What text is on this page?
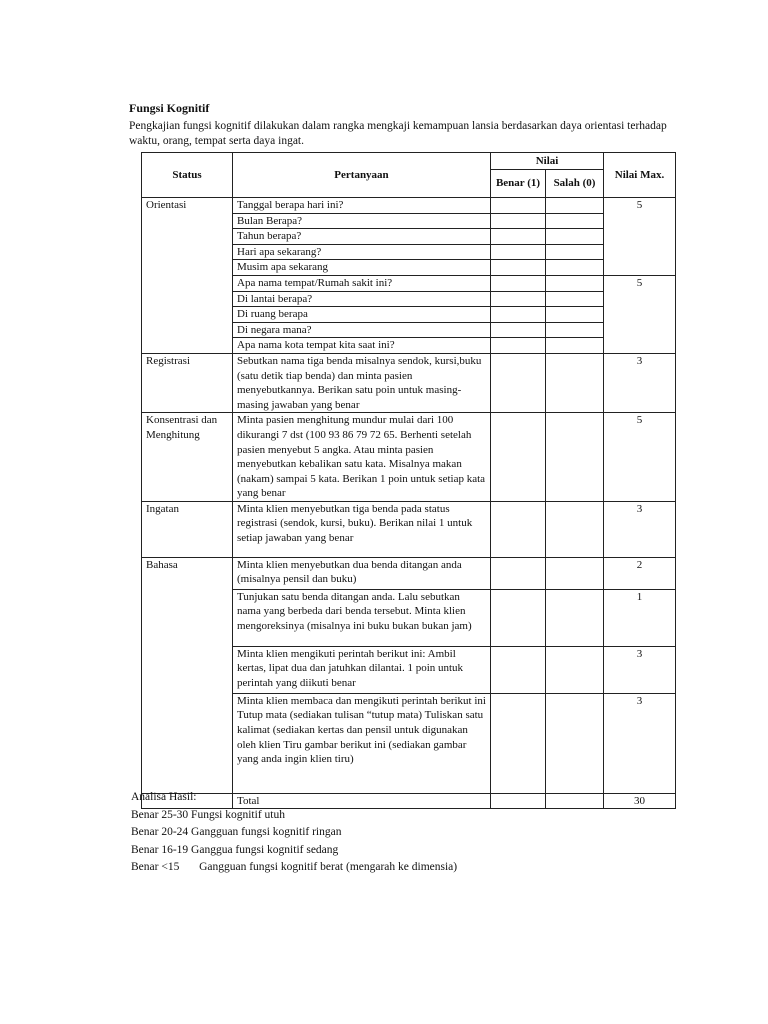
Fungsi Kognitif
Pengkajian fungsi kognitif dilakukan dalam rangka mengkaji kemampuan lansia berdasarkan daya orientasi terhadap waktu, orang, tempat serta daya ingat.
Status	Pertanyaan	Nilai		Nilai Max.
		Benar (1)	Salah (0)	
Orientasi	Tanggal berapa hari ini?			5
	Bulan Berapa?			
	Tahun berapa?			
	Hari apa sekarang?			
	Musim apa sekarang			
	Apa nama tempat/Rumah sakit ini?			5
	Di lantai berapa?			
	Di ruang berapa			
	Di negara mana?			
	Apa nama kota tempat kita saat ini?			
Registrasi	Sebutkan nama tiga benda misalnya sendok, kursi,buku (satu detik tiap benda) dan minta pasien menyebutkannya. Berikan satu poin untuk masing-masing jawaban yang benar			3
Konsentrasi dan Menghitung	Minta pasien menghitung mundur mulai dari 100 dikurangi 7 dst (100 93 86 79 72 65. Berhenti setelah pasien menyebut 5 angka. Atau minta pasien menyebutkan kebalikan satu kata. Misalnya makan (nakam) sampai 5 kata. Berikan 1 poin untuk setiap kata yang benar			5
Ingatan	Minta klien menyebutkan tiga benda pada status registrasi (sendok, kursi, buku). Berikan nilai 1 untuk setiap jawaban yang benar			3
Bahasa	Minta klien menyebutkan dua benda ditangan anda (misalnya pensil dan buku)			2
	Tunjukan satu benda ditangan anda. Lalu sebutkan nama yang berbeda dari benda tersebut. Minta klien mengoreksinya (misalnya ini buku bukan bukan jam)			1
	Minta klien mengikuti perintah berikut ini: Ambil kertas, lipat dua dan jatuhkan dilantai. 1 poin untuk perintah yang diikuti benar			3
	Minta klien membaca dan mengikuti perintah berikut ini Tutup mata (sediakan tulisan “tutup mata) Tuliskan satu kalimat (sediakan kertas dan pensil untuk digunakan oleh klien Tiru gambar berikut ini (sediakan gambar yang anda ingin klien tiru)			3
	Total			30
Analisa Hasil:
Benar 25-30 Fungsi kognitif utuh
Benar 20-24 Gangguan fungsi kognitif ringan
Benar 16-19 Ganggua fungsi kognitif sedang
Benar <15 Gangguan fungsi kognitif berat (mengarah ke dimensia)
